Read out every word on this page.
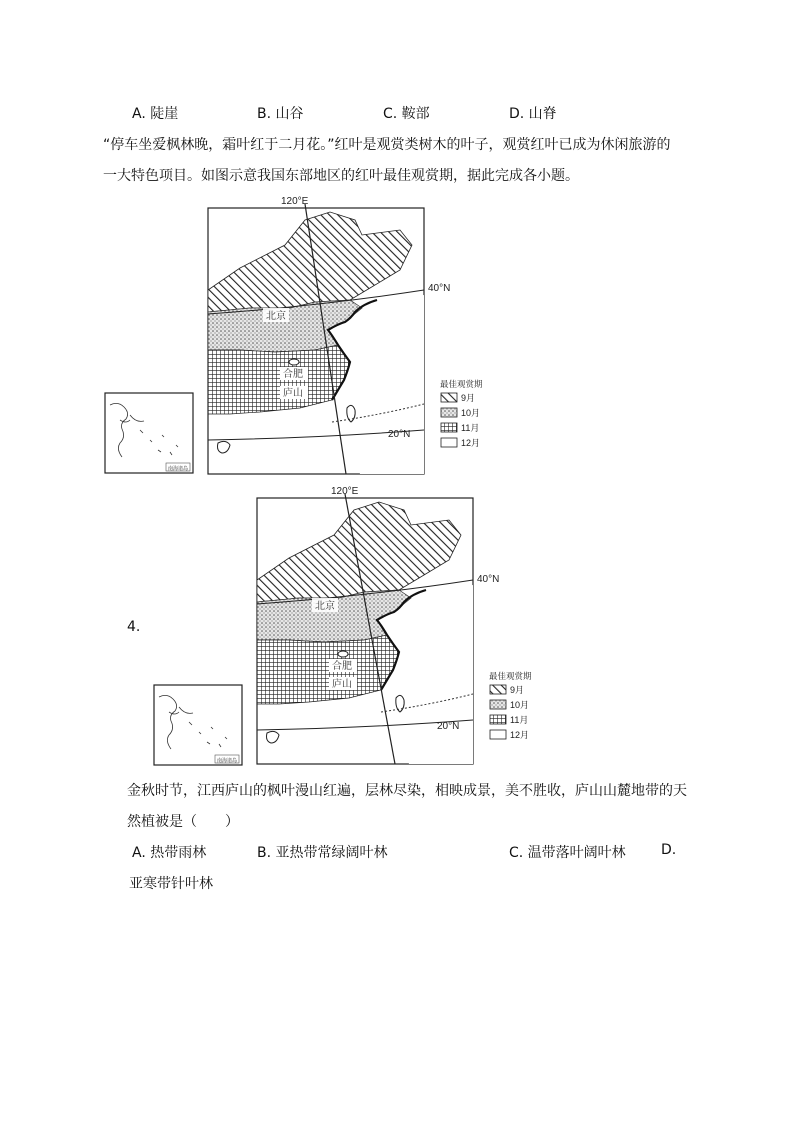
A. 陡崖	B. 山谷	C. 鞍部	D. 山脊
“停车坐爱枫林晚，霜叶红于二月花。”红叶是观赏类树木的叶子，观赏红叶已成为休闲旅游的
一大特色项目。如图示意我国东部地区的红叶最佳观赏期，据此完成各小题。
南海诸岛
120°E
40°N
20°N
北京
合肥
庐山
最佳观赏期
9月
10月
11月
12月
4.
南海诸岛
120°E
40°N
20°N
北京
合肥
庐山
最佳观赏期
9月
10月
11月
12月
金秋时节，江西庐山的枫叶漫山红遍，层林尽染，相映成景，美不胜收，庐山山麓地带的天
然植被是（　　）
A. 热带雨林	B. 亚热带常绿阔叶林	C. 温带落叶阔叶林	D.
亚寒带针叶林
